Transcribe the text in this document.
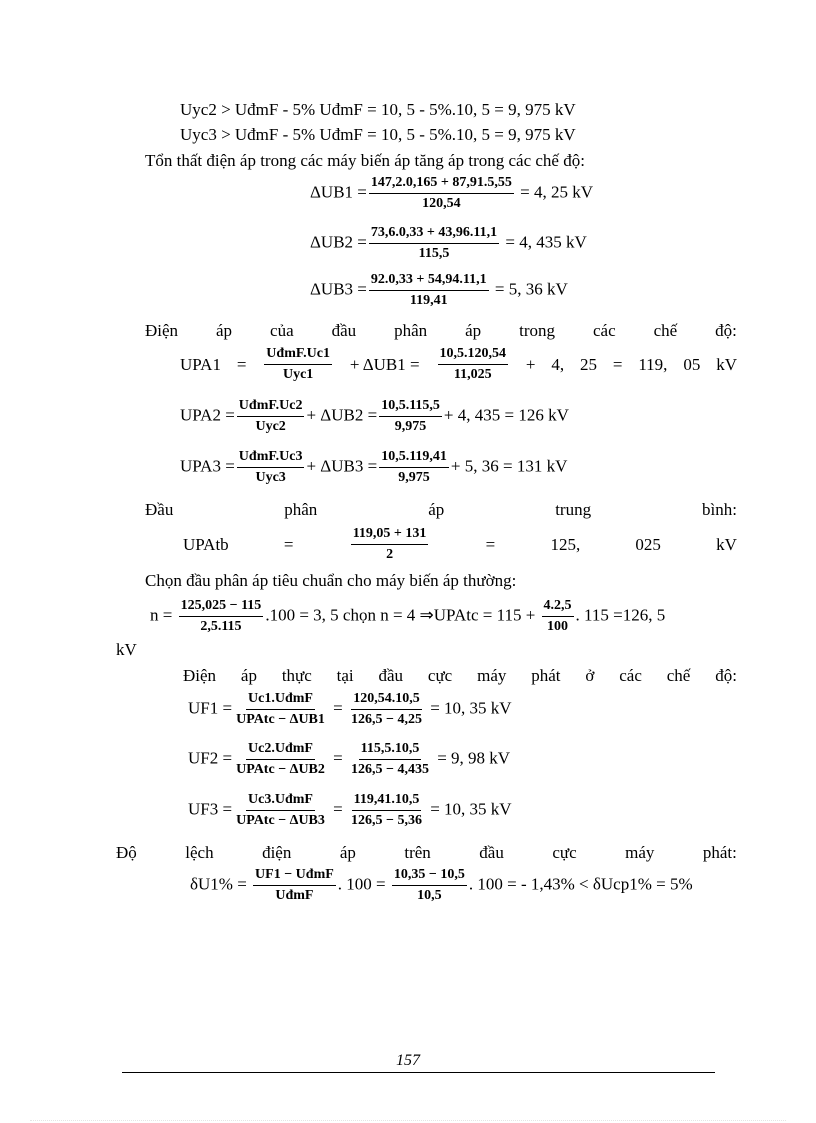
Uyc2 > UđmF - 5% UđmF = 10, 5 - 5%.10, 5 = 9, 975 kV
Uyc3 > UđmF - 5% UđmF = 10, 5 - 5%.10, 5 = 9, 975 kV
Tổn thất điện áp trong các máy biến áp tăng áp trong các chế độ:
$\Delta UB1 = \frac{147,2.0,165 + 87,91.5,55}{120,54} = 4$, 25 kV
$\Delta UB2 = \frac{73,6.0,33 + 43,96.11,1}{115,5} = 4$, 435 kV
$\Delta UB3 = \frac{92.0,33 + 54,94.11,1}{119,41} = 5$, 36 kV
Điện áp của đầu phân áp trong các chế độ:
$UPA1 = \frac{\text{UđmF.Uc1}}{\text{Uyc1}} + \Delta UB1 = \frac{10,5.120,54}{11,025} + 4$, 25 = 119, 05 kV
$UPA2 = \frac{\text{UđmF.Uc2}}{\text{Uyc2}} + \Delta UB2 = \frac{10,5.115,5}{9,975} + 4$, 435 = 126 kV
$UPA3 = \frac{\text{UđmF.Uc3}}{\text{Uyc3}} + \Delta UB3 = \frac{10,5.119,41}{9,975} + 5$, 36 = 131 kV
Đầu	phân	áp	trung	bình:
UPAtb	=	$\frac{119,05 + 131}{2}$	=	125,	025	kV
Chọn đầu phân áp tiêu chuẩn cho máy biến áp thường:
$n = \frac{125,025 - 115}{2,5.115} .100 = 3$, 5 chọn n = 4 ⇒UPAtc = $115 + \frac{4.2,5}{100}$ . 115 =126, 5
kV
Điện áp thực tại đầu cực máy phát ở các chế độ:
$UF1 = \frac{\text{Uc1.UđmF}}{\text{UPAtc − ΔUB1}} = \frac{120,54.10,5}{126,5 - 4,25} = 10$, 35 kV
$UF2 = \frac{\text{Uc2.UđmF}}{\text{UPAtc − ΔUB2}} = \frac{115,5.10,5}{126,5 - 4,435} = 9$, 98 kV
$UF3 = \frac{\text{Uc3.UđmF}}{\text{UPAtc − ΔUB3}} = \frac{119,41.10,5}{126,5 - 5,36} = 10$, 35 kV
Độ	lệch	điện	áp	trên	đầu	cực	máy	phát:
$\delta U1\% = \frac{\text{UF1 − UđmF}}{\text{UđmF}}$ . $100 = \frac{10,35 - 10,5}{10,5}$ . 100 = - 1,43% < δUcp1% = 5%
157
